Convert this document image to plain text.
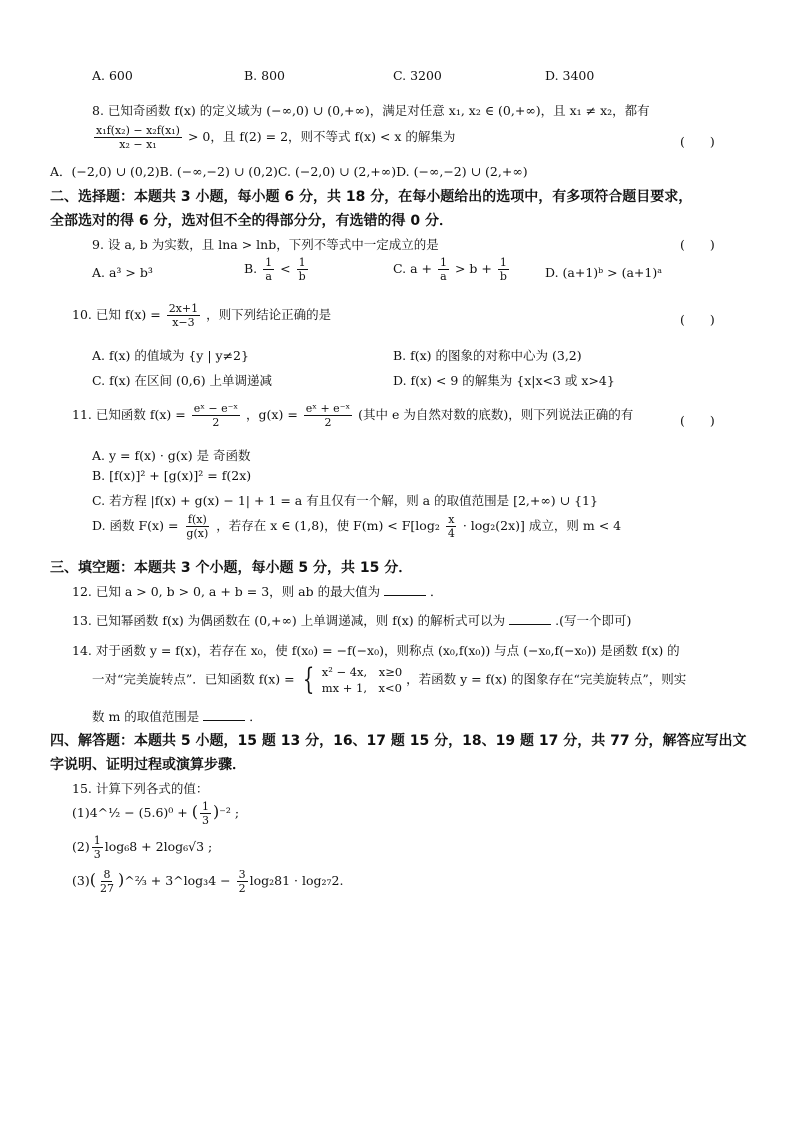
A. 600	B. 800	C. 3200	D. 3400
8. 已知奇函数 f(x) 的定义域为 (−∞,0) ∪ (0,+∞)，满足对任意 x₁, x₂ ∈ (0,+∞)，且 x₁ ≠ x₂，都有
$\frac{\text{x₁f(x₂) − x₂f(x₁)}}{\text{x₂ − x₁}} > 0$，且 f(2) = 2，则不等式 f(x) < x 的解集为	(　　)
A．(−2,0) ∪ (0,2)B. (−∞,−2) ∪ (0,2)C. (−2,0) ∪ (2,+∞)D. (−∞,−2) ∪ (2,+∞)
二、选择题：本题共 3 小题，每小题 6 分，共 18 分，在每小题给出的选项中，有多项符合题目要求，
全部选对的得 6 分，选对但不全的得部分分，有选错的得 0 分．
9. 设 a, b 为实数，且 lna > lnb，下列不等式中一定成立的是	(　　)
A. a³ > b³	B. $\frac{1}{a} < \frac{1}{b}$	C. $a + \frac{1}{a} > b + \frac{1}{b}$	D. (a+1)ᵇ > (a+1)ᵃ
10. 已知 $f(x) = \frac{2x+1}{x-3}$ ，则下列结论正确的是	(　　)
A. f(x) 的值域为 {y | y≠2}	B. f(x) 的图象的对称中心为 (3,2)
C. f(x) 在区间 (0,6) 上单调递减	D. f(x) < 9 的解集为 {x|x<3 或 x>4}
11. 已知函数 $f(x) = \frac{\text{eˣ − e⁻ˣ}}{2}$ ，$g(x) = \frac{\text{eˣ + e⁻ˣ}}{2}$ (其中 e 为自然对数的底数)，则下列说法正确的有	(　　)
A. y = f(x) · g(x) 是 奇函数
B. [f(x)]² + [g(x)]² = f(2x)
C. 若方程 |f(x) + g(x) − 1| + 1 = a 有且仅有一个解，则 a 的取值范围是 [2,+∞) ∪ {1}
D. 函数 $F(x) = \frac{f(x)}{g(x)}$ ，若存在 x ∈ (1,8)，使 $F(m) < F[\log_2 \frac{x}{4} \cdot \log_2(2x)]$ 成立，则 m < 4
三、填空题：本题共 3 个小题，每小题 5 分，共 15 分．
12. 已知 a > 0, b > 0, a + b = 3，则 ab 的最大值为	．
13. 已知幂函数 f(x) 为偶函数在 (0,+∞) 上单调递减，则 f(x) 的解析式可以为	.(写一个即可)
14. 对于函数 y = f(x)，若存在 x₀，使 f(x₀) = −f(−x₀)，则称点 (x₀,f(x₀)) 与点 (−x₀,f(−x₀)) 是函数 f(x) 的
一对“完美旋转点”．已知函数 f(x) = { x² − 4x,　x≥0
mx + 1,　x<0
，若函数 y = f(x) 的图象存在“完美旋转点”，则实
数 m 的取值范围是	．
四、解答题：本题共 5 小题，15 题 13 分，16、17 题 15 分，18、19 题 17 分，共 77 分，解答应写出文
字说明、证明过程或演算步骤．
15. 计算下列各式的值：
(1)4^½ − (5.6)⁰ + ( $\frac{1}{3} )^{-2}$ ;
$(2) \frac{1}{3} \log_68 + 2\log_6√3$ ;
$(3)( \frac{8}{27}$ )^⅔ + 3^log₃4 − $\frac{3}{2} \log_281 \cdot \log_{27}2$.
